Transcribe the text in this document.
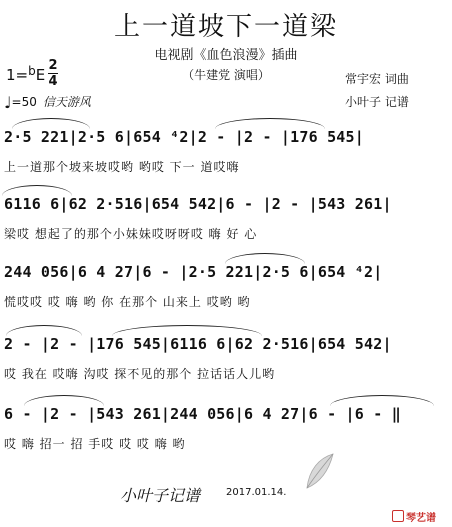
上一道坡下一道梁
电视剧《血色浪漫》插曲
（牛建党 演唱）
1=$^b$E
2
4
♩=50 信天游风
常宇宏 词曲
小叶子 记谱
2·5 221|2·5 6|654 ⁴2|2 - |2 - |176 545|
上一道那个坡来坡哎哟 哟哎 下一 道哎嗨
6116 6|62 2·516|654 542|6 - |2 - |543 261|
梁哎 想起了的那个小妹妹哎呀呀哎 嗨 好 心
244 056|6 4 27|6 - |2·5 221|2·5 6|654 ⁴2|
慌哎哎 哎 嗨 哟 你 在那个 山来上 哎哟 哟
2 - |2 - |176 545|6116 6|62 2·516|654 542|
哎 我在 哎嗨 沟哎 探不见的那个 拉话话人儿哟
6 - |2 - |543 261|244 056|6 4 27|6 - |6 - ‖
哎 嗨 招一 招 手哎 哎 哎 嗨 哟
小叶子记谱	2017.01.14.
琴艺谱
